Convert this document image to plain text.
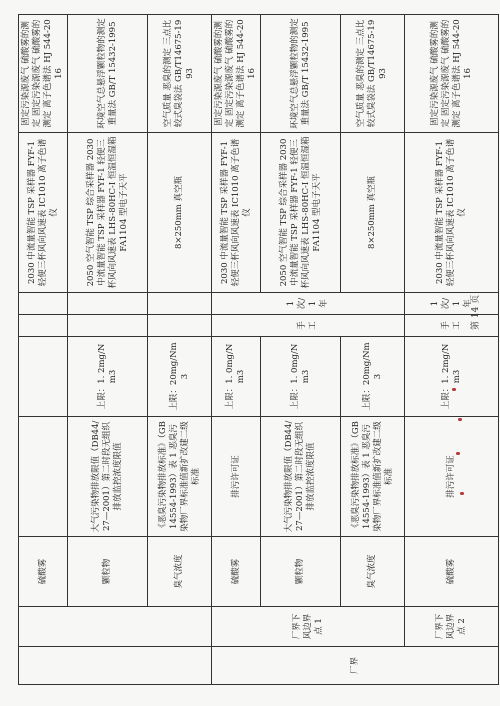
		硫酸雾					2030 中流量智能 TSP 采样器 FYF-1 轻便三杯风向风速表 IC1010 离子色谱仪	固定污染源废气 硫酸雾的测定 固定污染源废气 硫酸雾的测定 离子色谱法 HJ 544-2016
		颗粒物	大气污染物排放限值（DB44/ 27—2001）第二时段无组织排放监控浓度限值	上限：1. 2mg/Nm3			2050 空气智能 TSP 综合采样器 2030 中流量智能 TSP 采样器 FYF-1 轻便三杯风向风速表 LHS-80HC-I 恒温恒湿箱 FA1104 型电子天平	环境空气总悬浮颗粒物的测定重量法 GB/T 15432-1995
		臭气浓度	《恶臭污染物排放标准》（GB 14554-1993）表 1 恶臭污染物厂界标准值新扩改建二级标准	上限：20mg/Nm3			8×250mm 真空瓶	空气质量 恶臭的测定 三点比较式臭袋法 GB/T14675-1993
厂界	厂界下风边界点 1	硫酸雾	排污许可证	上限：1. 0mg/Nm3	手工	1 次/1 年	2030 中流量智能 TSP 采样器 FYF-1 轻便三杯风向风速表 IC1010 离子色谱仪	固定污染源废气 硫酸雾的测定 固定污染源废气 硫酸雾的测定 离子色谱法 HJ 544-2016
		颗粒物	大气污染物排放限值（DB44/ 27—2001）第二时段无组织排放监控浓度限值	上限：1. 0mg/Nm3			2050 空气智能 TSP 综合采样器 2030 中流量智能 TSP 采样器 FYF-1 轻便三杯风向风速表 LHS-80HC-I 恒温恒湿箱 FA1104 型电子天平	环境空气总悬浮颗粒物的测定重量法 GB/T 15432-1995
		臭气浓度	《恶臭污染物排放标准》（GB 14554-1993）表 1 恶臭污染物厂界标准值新扩改建二级标准	上限：20mg/Nm3			8×250mm 真空瓶	空气质量 恶臭的测定 三点比较式臭袋法 GB/T14675-1993
	厂界下风边界点 2	硫酸雾	排污许可证	上限：1. 2mg/Nm3	手工	1 次/1 年	2030 中流量智能 TSP 采样器 FYF-1 轻便三杯风向风速表 IC1010 离子色谱仪	固定污染源废气 硫酸雾的测定 固定污染源废气 硫酸雾的测定 离子色谱法 HJ 544-2016
第 14 页
